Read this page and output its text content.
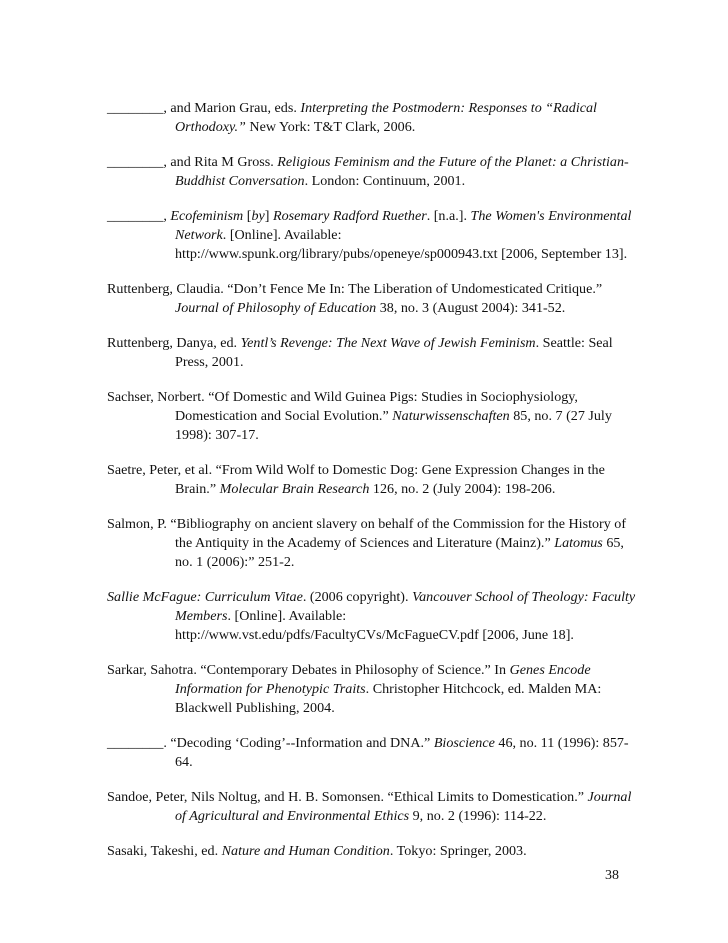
________, and Marion Grau, eds. Interpreting the Postmodern: Responses to “Radical Orthodoxy.” New York: T&T Clark, 2006.
________, and Rita M Gross. Religious Feminism and the Future of the Planet: a Christian-Buddhist Conversation. London: Continuum, 2001.
________, Ecofeminism [by] Rosemary Radford Ruether. [n.a.]. The Women's Environmental Network. [Online]. Available: http://www.spunk.org/library/pubs/openeye/sp000943.txt [2006, September 13].
Ruttenberg, Claudia. “Don’t Fence Me In: The Liberation of Undomesticated Critique.” Journal of Philosophy of Education 38, no. 3 (August 2004): 341-52.
Ruttenberg, Danya, ed. Yentl’s Revenge: The Next Wave of Jewish Feminism. Seattle: Seal Press, 2001.
Sachser, Norbert. “Of Domestic and Wild Guinea Pigs: Studies in Sociophysiology, Domestication and Social Evolution.” Naturwissenschaften 85, no. 7 (27 July 1998): 307-17.
Saetre, Peter, et al. “From Wild Wolf to Domestic Dog: Gene Expression Changes in the Brain.” Molecular Brain Research 126, no. 2 (July 2004): 198-206.
Salmon, P. “Bibliography on ancient slavery on behalf of the Commission for the History of the Antiquity in the Academy of Sciences and Literature (Mainz).” Latomus 65, no. 1 (2006):” 251-2.
Sallie McFague: Curriculum Vitae. (2006 copyright). Vancouver School of Theology: Faculty Members. [Online]. Available: http://www.vst.edu/pdfs/FacultyCVs/McFagueCV.pdf [2006, June 18].
Sarkar, Sahotra. “Contemporary Debates in Philosophy of Science.” In Genes Encode Information for Phenotypic Traits. Christopher Hitchcock, ed. Malden MA: Blackwell Publishing, 2004.
________. “Decoding ‘Coding’--Information and DNA.” Bioscience 46, no. 11 (1996): 857-64.
Sandoe, Peter, Nils Noltug, and H. B. Somonsen. “Ethical Limits to Domestication.” Journal of Agricultural and Environmental Ethics 9, no. 2 (1996): 114-22.
Sasaki, Takeshi, ed. Nature and Human Condition. Tokyo: Springer, 2003.
38
